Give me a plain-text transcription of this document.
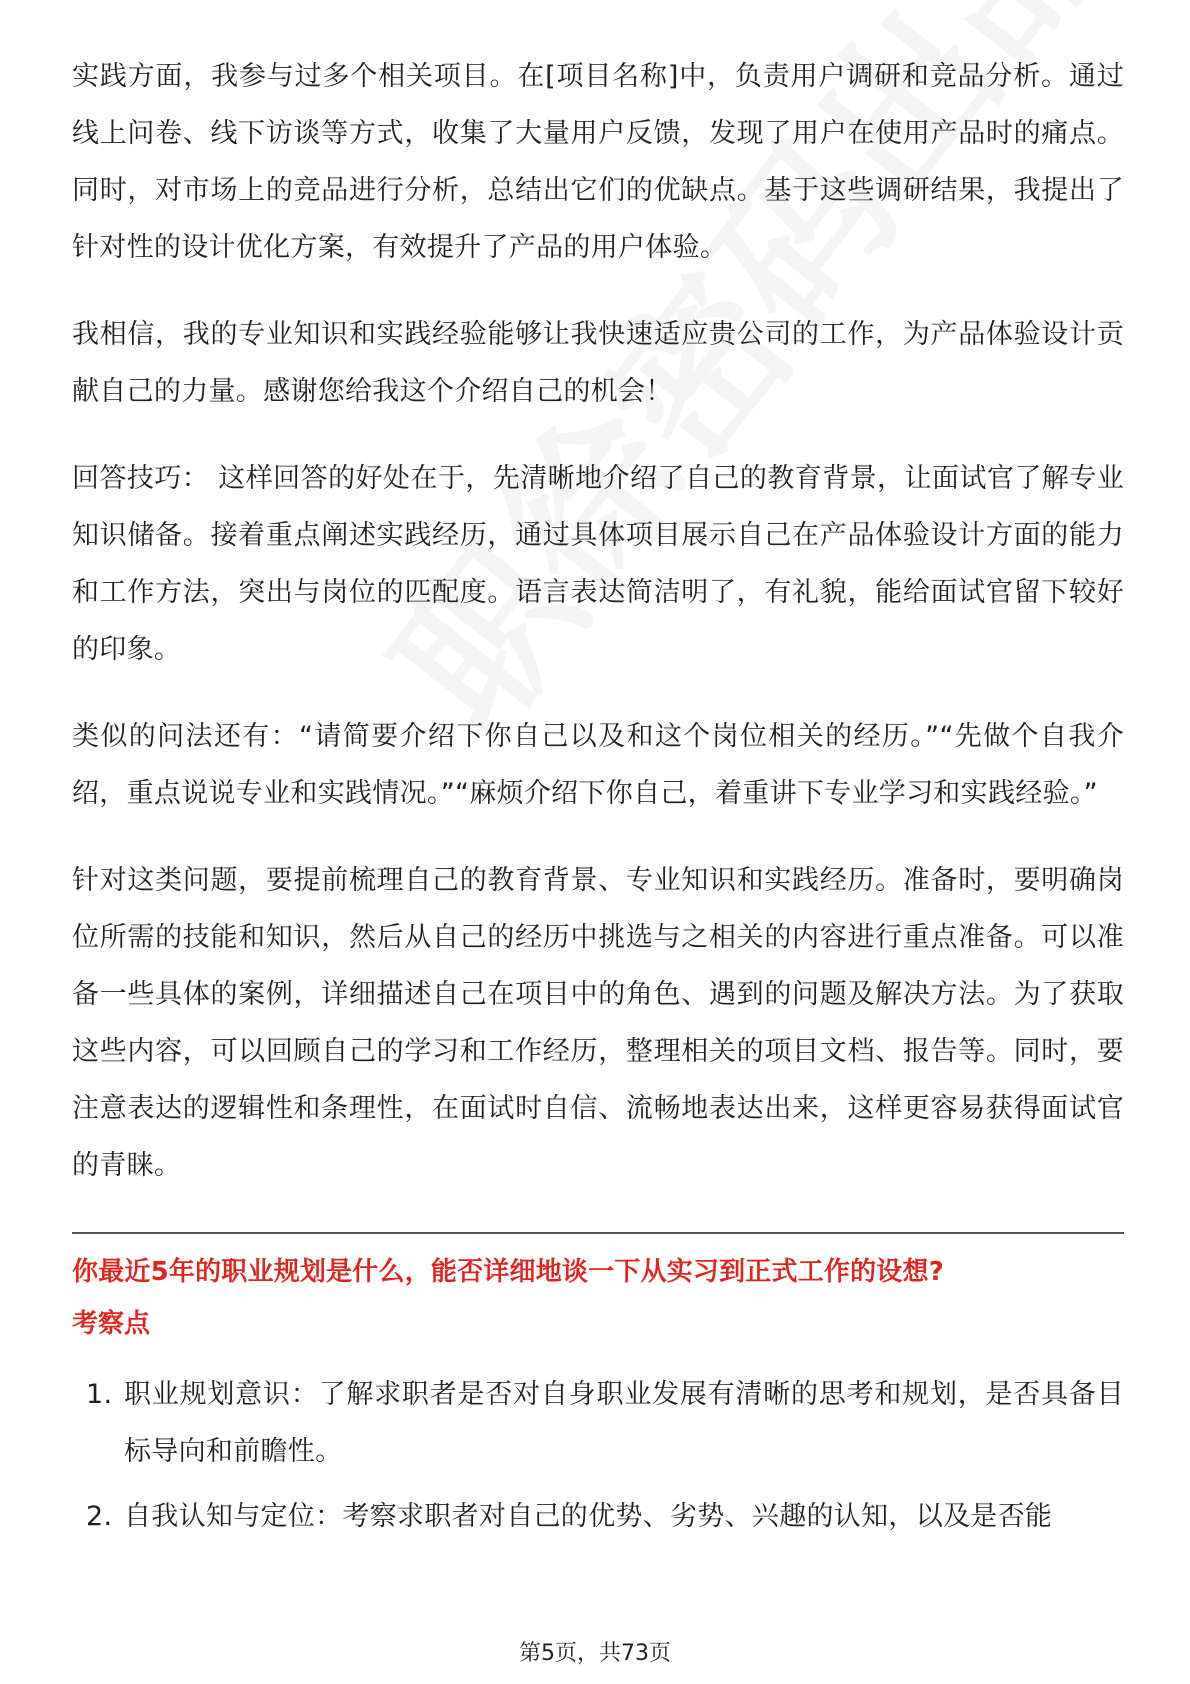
实践方面，我参与过多个相关项目。在[项目名称]中，负责用户调研和竞品分析。通过线上问卷、线下访谈等方式，收集了大量用户反馈，发现了用户在使用产品时的痛点。同时，对市场上的竞品进行分析，总结出它们的优缺点。基于这些调研结果，我提出了针对性的设计优化方案，有效提升了产品的用户体验。

我相信，我的专业知识和实践经验能够让我快速适应贵公司的工作，为产品体验设计贡献自己的力量。感谢您给我这个介绍自己的机会！

回答技巧： 这样回答的好处在于，先清晰地介绍了自己的教育背景，让面试官了解专业知识储备。接着重点阐述实践经历，通过具体项目展示自己在产品体验设计方面的能力和工作方法，突出与岗位的匹配度。语言表达简洁明了，有礼貌，能给面试官留下较好的印象。

类似的问法还有：“请简要介绍下你自己以及和这个岗位相关的经历。”“先做个自我介绍，重点说说专业和实践情况。”“麻烦介绍下你自己，着重讲下专业学习和实践经验。”

针对这类问题，要提前梳理自己的教育背景、专业知识和实践经历。准备时，要明确岗位所需的技能和知识，然后从自己的经历中挑选与之相关的内容进行重点准备。可以准备一些具体的案例，详细描述自己在项目中的角色、遇到的问题及解决方法。为了获取这些内容，可以回顾自己的学习和工作经历，整理相关的项目文档、报告等。同时，要注意表达的逻辑性和条理性，在面试时自信、流畅地表达出来，这样更容易获得面试官的青睐。

你最近5年的职业规划是什么，能否详细地谈一下从实习到正式工作的设想?

考察点

1. 职业规划意识：了解求职者是否对自身职业发展有清晰的思考和规划，是否具备目标导向和前瞻性。
2. 自我认知与定位：考察求职者对自己的优势、劣势、兴趣的认知，以及是否能
第5页，共73页
